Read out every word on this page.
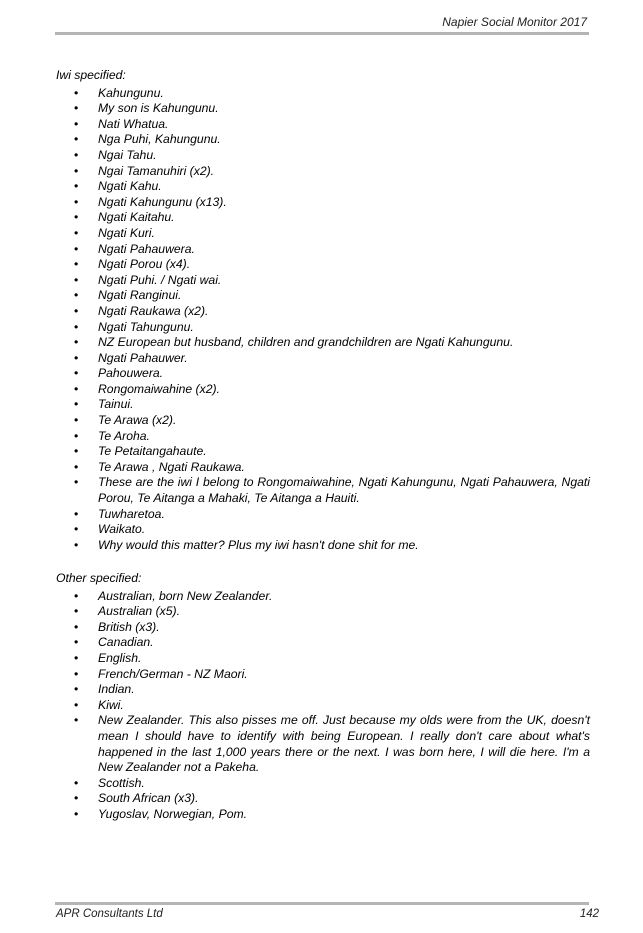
Napier Social Monitor 2017
Iwi specified:
• Kahungunu.
• My son is Kahungunu.
• Nati Whatua.
• Nga Puhi, Kahungunu.
• Ngai Tahu.
• Ngai Tamanuhiri (x2).
• Ngati Kahu.
• Ngati Kahungunu (x13).
• Ngati Kaitahu.
• Ngati Kuri.
• Ngati Pahauwera.
• Ngati Porou (x4).
• Ngati Puhi. / Ngati wai.
• Ngati Ranginui.
• Ngati Raukawa (x2).
• Ngati Tahungunu.
• NZ European but husband, children and grandchildren are Ngati Kahungunu.
• Ngati Pahauwer.
• Pahouwera.
• Rongomaiwahine (x2).
• Tainui.
• Te Arawa (x2).
• Te Aroha.
• Te Petaitangahaute.
• Te Arawa , Ngati Raukawa.
• These are the iwi I belong to Rongomaiwahine, Ngati Kahungunu, Ngati Pahauwera, Ngati Porou, Te Aitanga a Mahaki, Te Aitanga a Hauiti.
• Tuwharetoa.
• Waikato.
• Why would this matter? Plus my iwi hasn't done shit for me.
Other specified:
• Australian, born New Zealander.
• Australian (x5).
• British (x3).
• Canadian.
• English.
• French/German - NZ Maori.
• Indian.
• Kiwi.
• New Zealander. This also pisses me off. Just because my olds were from the UK, doesn't mean I should have to identify with being European. I really don't care about what's happened in the last 1,000 years there or the next. I was born here, I will die here. I'm a New Zealander not a Pakeha.
• Scottish.
• South African (x3).
• Yugoslav, Norwegian, Pom.
APR Consultants Ltd	142
